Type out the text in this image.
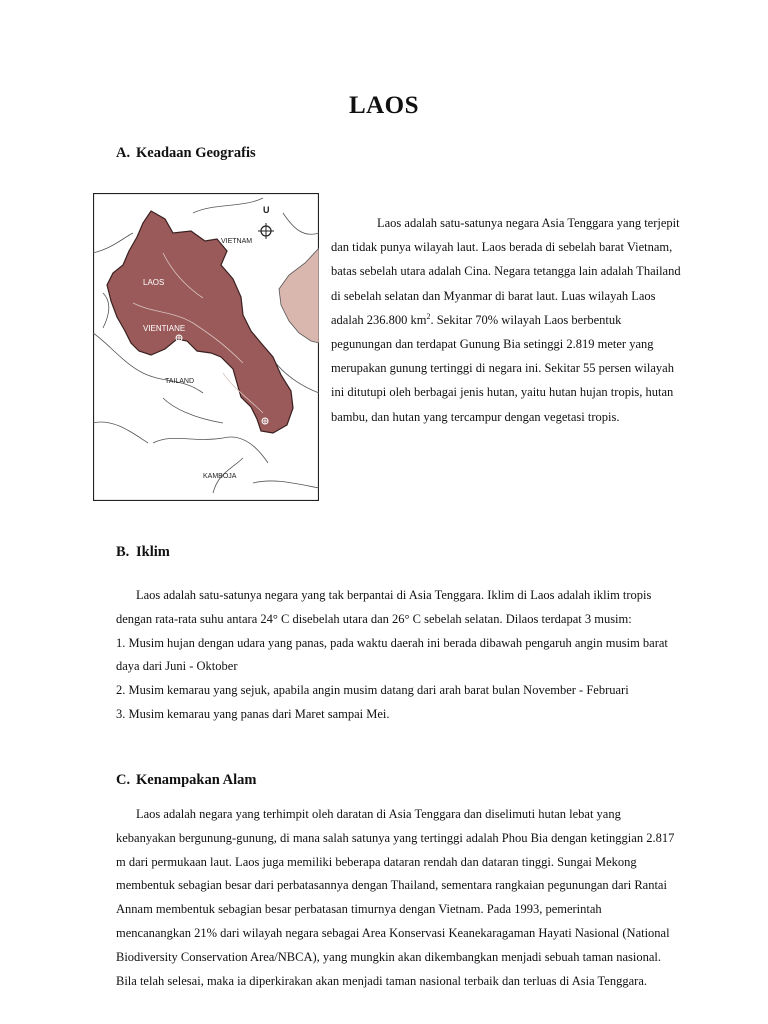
LAOS
A. Keadaan Geografis
U
VIETNAM
LAOS
VIENTIANE
TAILAND
KAMBOJA

Laos adalah satu-satunya negara Asia Tenggara yang terjepit dan tidak punya wilayah laut. Laos berada di sebelah barat Vietnam, batas sebelah utara adalah Cina. Negara tetangga lain adalah Thailand di sebelah selatan dan Myanmar di barat laut. Luas wilayah Laos adalah 236.800 $km^2$. Sekitar 70% wilayah Laos berbentuk pegunungan dan terdapat Gunung Bia setinggi 2.819 meter yang merupakan gunung tertinggi di negara ini. Sekitar 55 persen wilayah ini ditutupi oleh berbagai jenis hutan, yaitu hutan hujan tropis, hutan bambu, dan hutan yang tercampur dengan vegetasi tropis.

B. Iklim

Laos adalah satu-satunya negara yang tak berpantai di Asia Tenggara. Iklim di Laos adalah iklim tropis dengan rata-rata suhu antara 24° C disebelah utara dan 26° C sebelah selatan. Dilaos terdapat 3 musim:

1. Musim hujan dengan udara yang panas, pada waktu daerah ini berada dibawah pengaruh angin musim barat daya dari Juni - Oktober

2. Musim kemarau yang sejuk, apabila angin musim datang dari arah barat bulan November - Februari

3. Musim kemarau yang panas dari Maret sampai Mei.

C. Kenampakan Alam

Laos adalah negara yang terhimpit oleh daratan di Asia Tenggara dan diselimuti hutan lebat yang kebanyakan bergunung-gunung, di mana salah satunya yang tertinggi adalah Phou Bia dengan ketinggian 2.817 m dari permukaan laut. Laos juga memiliki beberapa dataran rendah dan dataran tinggi. Sungai Mekong membentuk sebagian besar dari perbatasannya dengan Thailand, sementara rangkaian pegunungan dari Rantai Annam membentuk sebagian besar perbatasan timurnya dengan Vietnam. Pada 1993, pemerintah mencanangkan 21% dari wilayah negara sebagai Area Konservasi Keanekaragaman Hayati Nasional (National Biodiversity Conservation Area/NBCA), yang mungkin akan dikembangkan menjadi sebuah taman nasional. Bila telah selesai, maka ia diperkirakan akan menjadi taman nasional terbaik dan terluas di Asia Tenggara.
